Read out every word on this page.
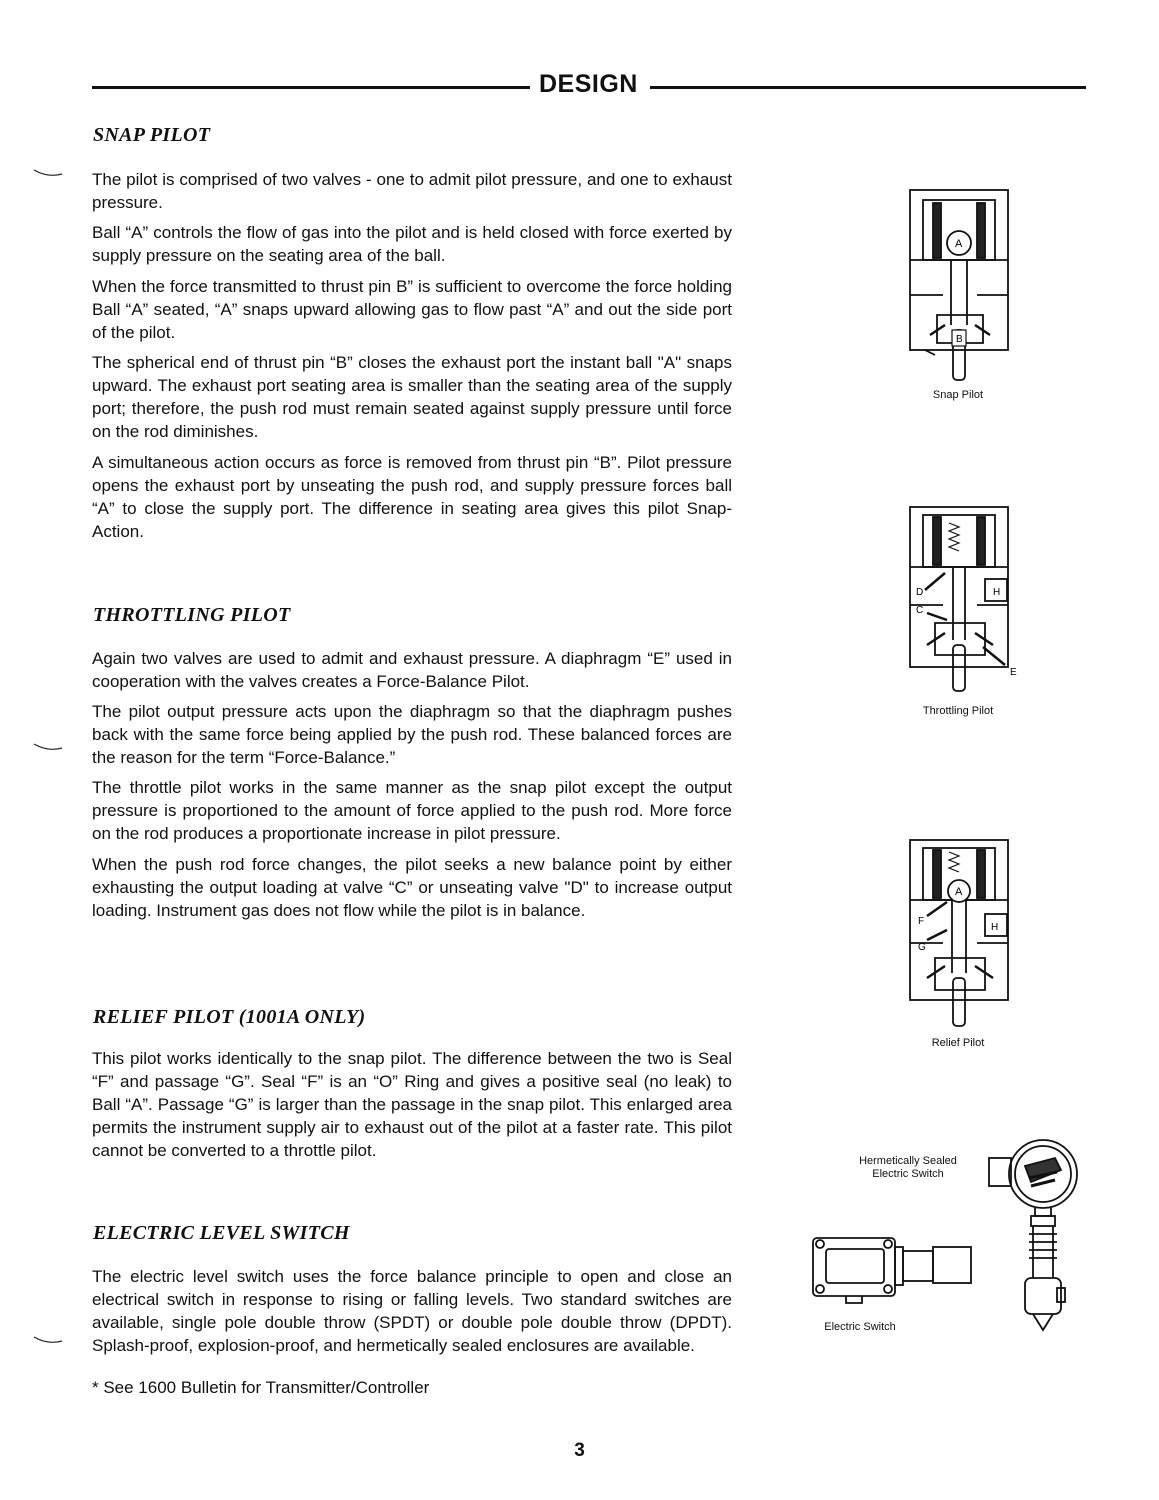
DESIGN
SNAP PILOT
The pilot is comprised of two valves - one to admit pilot pressure, and one to exhaust pressure.
Ball “A” controls the flow of gas into the pilot and is held closed with force exerted by supply pressure on the seating area of the ball.
When the force transmitted to thrust pin B” is sufficient to overcome the force holding Ball “A” seated, “A” snaps upward allowing gas to flow past “A” and out the side port of the pilot.
The spherical end of thrust pin “B” closes the exhaust port the instant ball "A" snaps upward. The exhaust port seating area is smaller than the seating area of the supply port; therefore, the push rod must remain seated against supply pressure until force on the rod diminishes.
A simultaneous action occurs as force is removed from thrust pin “B”. Pilot pressure opens the exhaust port by unseating the push rod, and supply pressure forces ball “A” to close the supply port. The difference in seating area gives this pilot Snap-Action.
THROTTLING PILOT
Again two valves are used to admit and exhaust pressure. A diaphragm “E” used in cooperation with the valves creates a Force-Balance Pilot.
The pilot output pressure acts upon the diaphragm so that the diaphragm pushes back with the same force being applied by the push rod. These balanced forces are the reason for the term “Force-Balance.”
The throttle pilot works in the same manner as the snap pilot except the output pressure is proportioned to the amount of force applied to the push rod. More force on the rod produces a proportionate increase in pilot pressure.
When the push rod force changes, the pilot seeks a new balance point by either exhausting the output loading at valve “C” or unseating valve "D" to increase output loading. Instrument gas does not flow while the pilot is in balance.
RELIEF PILOT (1001A ONLY)
This pilot works identically to the snap pilot. The difference between the two is Seal “F” and passage “G”. Seal “F” is an “O” Ring and gives a positive seal (no leak) to Ball “A”. Passage “G” is larger than the passage in the snap pilot. This enlarged area permits the instrument supply air to exhaust out of the pilot at a faster rate. This pilot cannot be converted to a throttle pilot.
ELECTRIC LEVEL SWITCH
The electric level switch uses the force balance principle to open and close an electrical switch in response to rising or falling levels. Two standard switches are available, single pole double throw (SPDT) or double pole double throw (DPDT). Splash-proof, explosion-proof, and hermetically sealed enclosures are available.
* See 1600 Bulletin for Transmitter/Controller
A
B
Snap Pilot
D
C
H
E
Throttling Pilot
A
F
G
H
Relief Pilot
Hermetically Sealed
Electric Switch
Electric Switch
3
